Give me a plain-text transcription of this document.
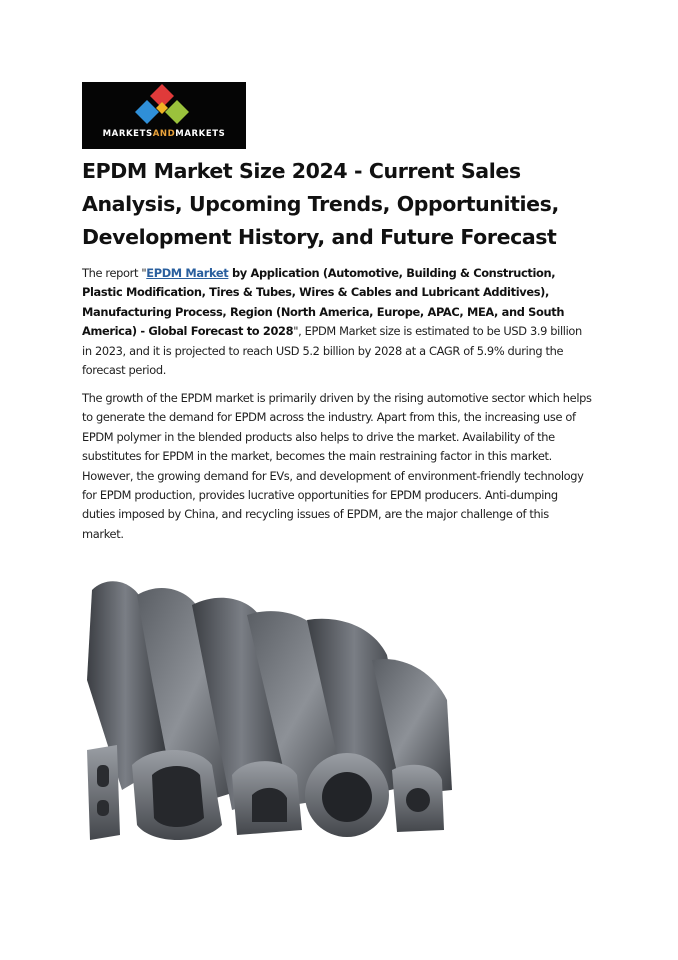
MARKETSANDMARKETS
EPDM Market Size 2024 - Current Sales Analysis, Upcoming Trends, Opportunities, Development History, and Future Forecast

The report "EPDM Market by Application (Automotive, Building & Construction, Plastic Modification, Tires & Tubes, Wires & Cables and Lubricant Additives), Manufacturing Process, Region (North America, Europe, APAC, MEA, and South America) - Global Forecast to 2028", EPDM Market size is estimated to be USD 3.9 billion in 2023, and it is projected to reach USD 5.2 billion by 2028 at a CAGR of 5.9% during the forecast period.

The growth of the EPDM market is primarily driven by the rising automotive sector which helps to generate the demand for EPDM across the industry. Apart from this, the increasing use of EPDM polymer in the blended products also helps to drive the market. Availability of the substitutes for EPDM in the market, becomes the main restraining factor in this market. However, the growing demand for EVs, and development of environment-friendly technology for EPDM production, provides lucrative opportunities for EPDM producers. Anti-dumping duties imposed by China, and recycling issues of EPDM, are the major challenge of this market.
